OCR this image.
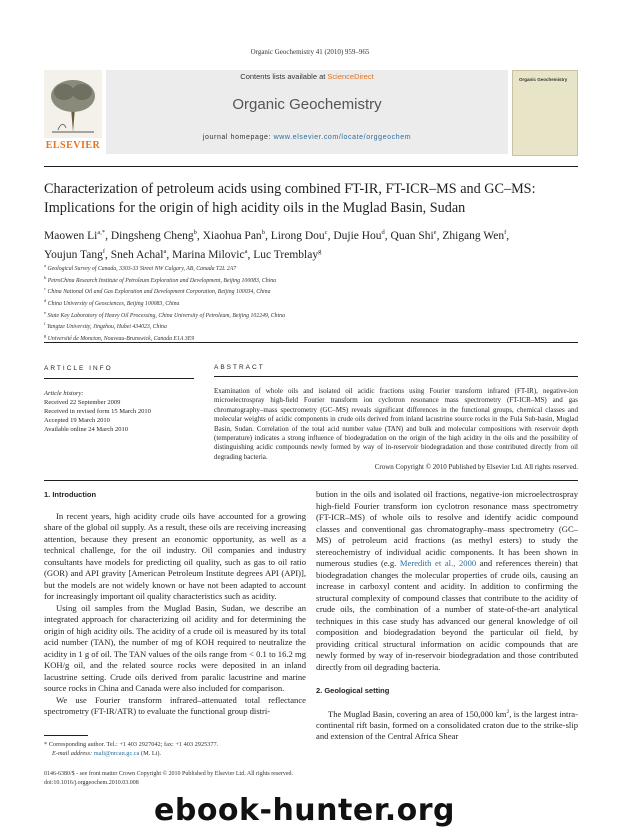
Organic Geochemistry 41 (2010) 959–965
ELSEVIER
Contents lists available at ScienceDirect
Organic Geochemistry
journal homepage: www.elsevier.com/locate/orggeochem
Organic Geochemistry
Characterization of petroleum acids using combined FT-IR, FT-ICR–MS and GC–MS:
Implications for the origin of high acidity oils in the Muglad Basin, Sudan
Maowen $Li^{a,*}$, Dingsheng Cheng$^b$, Xiaohua Pan$^b$, Lirong Dou$^c$, Dujie Hou$^d$, Quan Shi$^e$, Zhigang Wen$^f$,
Youjun Tang$^f$, Sneh Achal$^a$, Marina Milovic$^a$, Luc Tremblay$^g$
$^a$ Geological Survey of Canada, 3303-33 Street NW Calgary, AB, Canada T2L 2A7
$^b$ PetroChina Research Institute of Petroleum Exploration and Development, Beijing 100083, China
$^c$ China National Oil and Gas Exploration and Development Corporation, Beijing 100034, China
$^d$ China University of Geosciences, Beijing 100083, China
$^e$ State Key Laboratory of Heavy Oil Processing, China University of Petroleum, Beijing 102249, China
$^f$ Yangtze University, Jingzhou, Hubei 434023, China
$^g$ Université de Moncton, Nouveau-Brunswick, Canada E1A 3E9
ARTICLE INFO
Article history:

Received 22 September 2009

Received in revised form 15 March 2010

Accepted 19 March 2010

Available online 24 March 2010

ABSTRACT
Examination of whole oils and isolated oil acidic fractions using Fourier transform infrared (FT-IR), negative-ion microelectrospray high-field Fourier transform ion cyclotron resonance mass spectrometry (FT-ICR–MS) and gas chromatography–mass spectrometry (GC–MS) reveals significant differences in the functional groups, chemical classes and molecular weights of acidic components in crude oils derived from inland lacustrine source rocks in the Fula Sub-basin, Muglad Basin, Sudan. Correlation of the total acid number value (TAN) and bulk and molecular compositions with reservoir depth (temperature) indicates a strong influence of biodegradation on the origin of the high acidity in the oils and the possibility of distinguishing acidic compounds newly formed by way of in-reservoir biodegradation and those contributed directly from oil degrading bacteria.
Crown Copyright © 2010 Published by Elsevier Ltd. All rights reserved.
1. Introduction

In recent years, high acidity crude oils have accounted for a growing share of the global oil supply. As a result, these oils are receiving increasing attention, because they present an economic opportunity, as well as a technical challenge, for the oil industry. Oil companies and industry consultants have models for predicting oil quality, such as gas to oil ratio (GOR) and API gravity [American Petroleum Institute degrees API (API)], but the models are not widely known or have not been adapted to account for increasingly important oil quality characteristics such as acidity.

Using oil samples from the Muglad Basin, Sudan, we describe an integrated approach for characterizing oil acidity and for determining the origin of high acidity oils. The acidity of a crude oil is measured by its total acid number (TAN), the number of mg of KOH required to neutralize the acidity in 1 g of oil. The TAN values of the oils range from < 0.1 to 16.2 mg KOH/g oil, and the related source rocks were deposited in an inland lacustrine setting. Crude oils derived from paralic lacustrine and marine source rocks in China and Canada were also included for comparison.

We use Fourier transform infrared–attenuated total reflectance spectrometry (FT-IR/ATR) to evaluate the functional group distri-

bution in the oils and isolated oil fractions, negative-ion microelectrospray high-field Fourier transform ion cyclotron resonance mass spectrometry (FT-ICR–MS) of whole oils to resolve and identify acidic compound classes and conventional gas chromatography–mass spectrometry (GC–MS) of petroleum acid fractions (as methyl esters) to study the stereochemistry of individual acidic components. It has been shown in numerous studies (e.g. Meredith et al., 2000 and references therein) that biodegradation changes the molecular properties of crude oils, causing an increase in carboxyl content and acidity. In addition to confirming the structural complexity of compound classes that contribute to the acidity of crude oils, the combination of a number of state-of-the-art analytical techniques in this case study has advanced our general knowledge of oil composition and biodegradation beyond the particular oil field, by providing critical structural information on acidic compounds that are newly formed by way of in-reservoir biodegradation and those contributed directly from oil degrading bacteria.

2. Geological setting

The Muglad Basin, covering an area of 150,000 $km^2$, is the largest intra-continental rift basin, formed on a consolidated craton due to the strike-slip and extension of the Central Africa Shear

* Corresponding author. Tel.: +1 403 2927042; fax: +1 403 2925377.
E-mail address: mali@nrcan.gc.ca (M. Li).
0146-6380/$ - see front matter Crown Copyright © 2010 Published by Elsevier Ltd. All rights reserved.
doi:10.1016/j.orggeochem.2010.03.008
ebook-hunter.org
